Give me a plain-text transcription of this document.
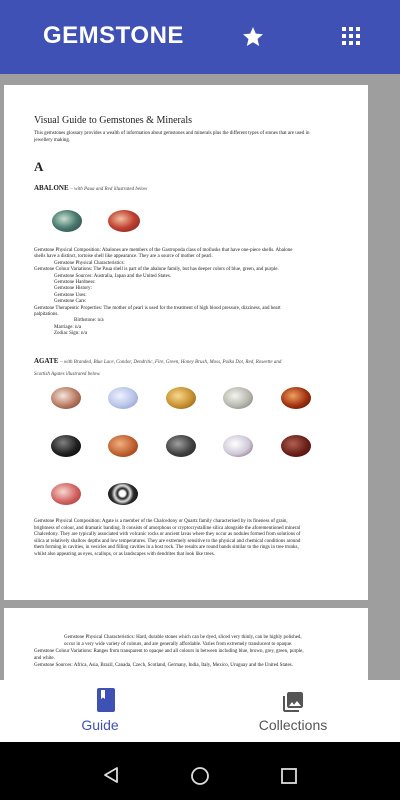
GEMSTONE
Visual Guide to Gemstones & Minerals
This gemstones glossary provides a wealth of information about gemstones and minerals plus the different types of stones that are used in jewellery making.
A
ABALONE – with Paua and Red illustrated below

Gemstone Physical Composition: Abalones are members of the Gastropoda class of mollusks that have one-piece shells. Abalone shells have a distinct, tortoise shell like appearance. They are a source of mother of pearl.

Gemstone Physical Characteristics:

Gemstone Colour Variations: The Paua shell is part of the abalone family, but has deeper colors of blue, green, and purple.

Gemstone Sources: Australia, Japan and the United States.

Gemstone Hardness:

Gemstone History:

Gemstone Uses:

Gemstone Care:

Gemstone Therapeutic Properties: The mother of pearl is used for the treatment of high blood pressure, dizziness, and heart palpitations.

Birthstone: n/a

Marriage: n/a

Zodiac Sign: n/a

AGATE – with Branded, Blue Lace, Condor, Dendritic, Fire, Green, Honey Brush, Moss, Polka Dot, Red, Roseette and Scottish Agates illustrated below.
Gemstone Physical Composition: Agate is a member of the Chalcedony or Quartz family characterised by its fineness of grain, brightness of colour, and dramatic banding. It consists of amorphous or cryptocrystalline silica alongside the aforementioned mineral Chalcedony. They are typically associated with volcanic rocks or ancient lavas where they occur as nodules formed from solutions of silica at relatively shallow depths and low temperatures. They are extremely sensitive to the physical and chemical conditions around them forming in cavities, in vesicles and filling cavities in a host rock. The results are round bands similar to the rings in tree trunks, whilst also appearing as eyes, scallops, or as landscapes with dendrites that look like trees.

Gemstone Physical Characteristics: Hard, durable stones which can be dyed, sliced very thinly, can be highly polished, occur in a very wide variety of colours, and are generally affordable. Varies from extremely translucent to opaque.

Gemstone Colour Variations: Ranges from transparent to opaque and all colours in between including blue, brown, grey, green, purple, and white.

Gemstone Sources: Africa, Asia, Brazil, Canada, Czech, Scotland, Germany, India, Italy, Mexico, Uruguay and the United States.

Guide	Collections
